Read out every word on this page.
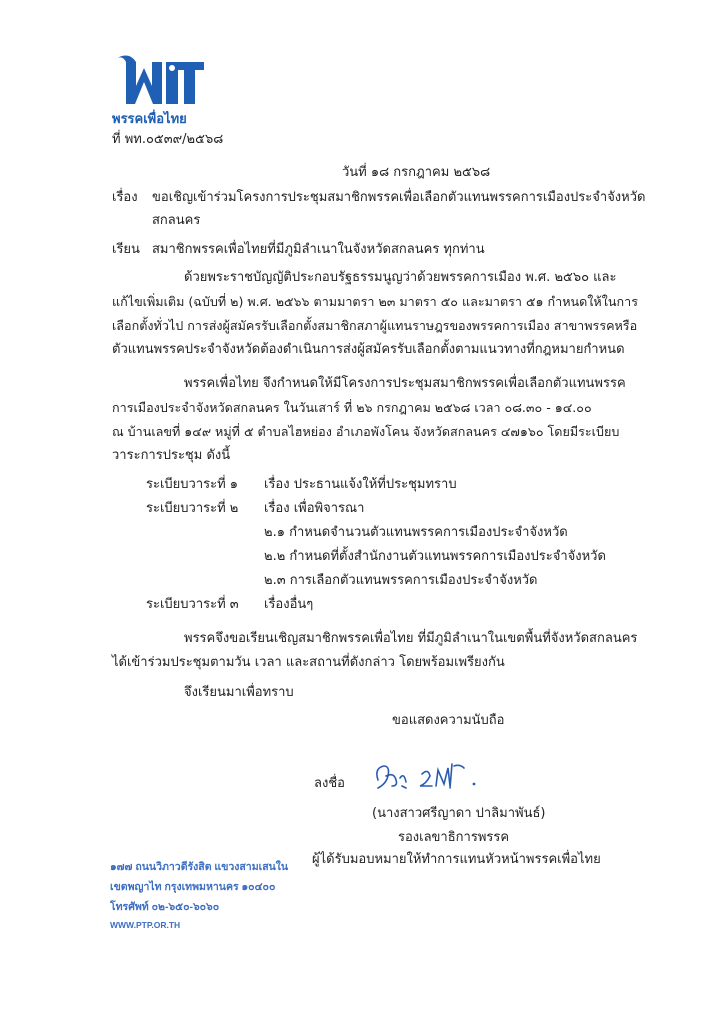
พรรคเพื่อไทย
ที่ พท.๐๕๓๙/๒๕๖๘
วันที่ ๑๘ กรกฎาคม ๒๕๖๘
เรื่อง ขอเชิญเข้าร่วมโครงการประชุมสมาชิกพรรคเพื่อเลือกตัวแทนพรรคการเมืองประจำจังหวัด
สกลนคร
เรียน สมาชิกพรรคเพื่อไทยที่มีภูมิลำเนาในจังหวัดสกลนคร ทุกท่าน
ด้วยพระราชบัญญัติประกอบรัฐธรรมนูญว่าด้วยพรรคการเมือง พ.ศ. ๒๕๖๐ และ
แก้ไขเพิ่มเติม (ฉบับที่ ๒) พ.ศ. ๒๕๖๖ ตามมาตรา ๒๓ มาตรา ๕๐ และมาตรา ๕๑ กำหนดให้ในการ
เลือกตั้งทั่วไป การส่งผู้สมัครรับเลือกตั้งสมาชิกสภาผู้แทนราษฎรของพรรคการเมือง สาขาพรรคหรือ
ตัวแทนพรรคประจำจังหวัดต้องดำเนินการส่งผู้สมัครรับเลือกตั้งตามแนวทางที่กฎหมายกำหนด
พรรคเพื่อไทย จึงกำหนดให้มีโครงการประชุมสมาชิกพรรคเพื่อเลือกตัวแทนพรรค
การเมืองประจำจังหวัดสกลนคร ในวันเสาร์ ที่ ๒๖ กรกฎาคม ๒๕๖๘ เวลา ๐๘.๓๐ - ๑๔.๐๐
ณ บ้านเลขที่ ๑๔๙ หมู่ที่ ๕ ตำบลไฮหย่อง อำเภอพังโคน จังหวัดสกลนคร ๔๗๑๖๐ โดยมีระเบียบ
วาระการประชุม ดังนี้
ระเบียบวาระที่ ๑ เรื่อง ประธานแจ้งให้ที่ประชุมทราบ
ระเบียบวาระที่ ๒ เรื่อง เพื่อพิจารณา
๒.๑ กำหนดจำนวนตัวแทนพรรคการเมืองประจำจังหวัด
๒.๒ กำหนดที่ตั้งสำนักงานตัวแทนพรรคการเมืองประจำจังหวัด
๒.๓ การเลือกตัวแทนพรรคการเมืองประจำจังหวัด
ระเบียบวาระที่ ๓ เรื่องอื่นๆ
พรรคจึงขอเรียนเชิญสมาชิกพรรคเพื่อไทย ที่มีภูมิลำเนาในเขตพื้นที่จังหวัดสกลนคร
ได้เข้าร่วมประชุมตามวัน เวลา และสถานที่ดังกล่าว โดยพร้อมเพรียงกัน
จึงเรียนมาเพื่อทราบ
ขอแสดงความนับถือ
ลงชื่อ
(นางสาวศรีญาดา ปาลิมาพันธ์)
รองเลขาธิการพรรค
ผู้ได้รับมอบหมายให้ทำการแทนหัวหน้าพรรคเพื่อไทย
๑๗๗ ถนนวิภาวดีรังสิต แขวงสามเสนใน
เขตพญาไท กรุงเทพมหานคร ๑๐๔๐๐
โทรศัพท์ ๐๒-๖๕๐-๖๐๖๐
WWW.PTP.OR.TH
